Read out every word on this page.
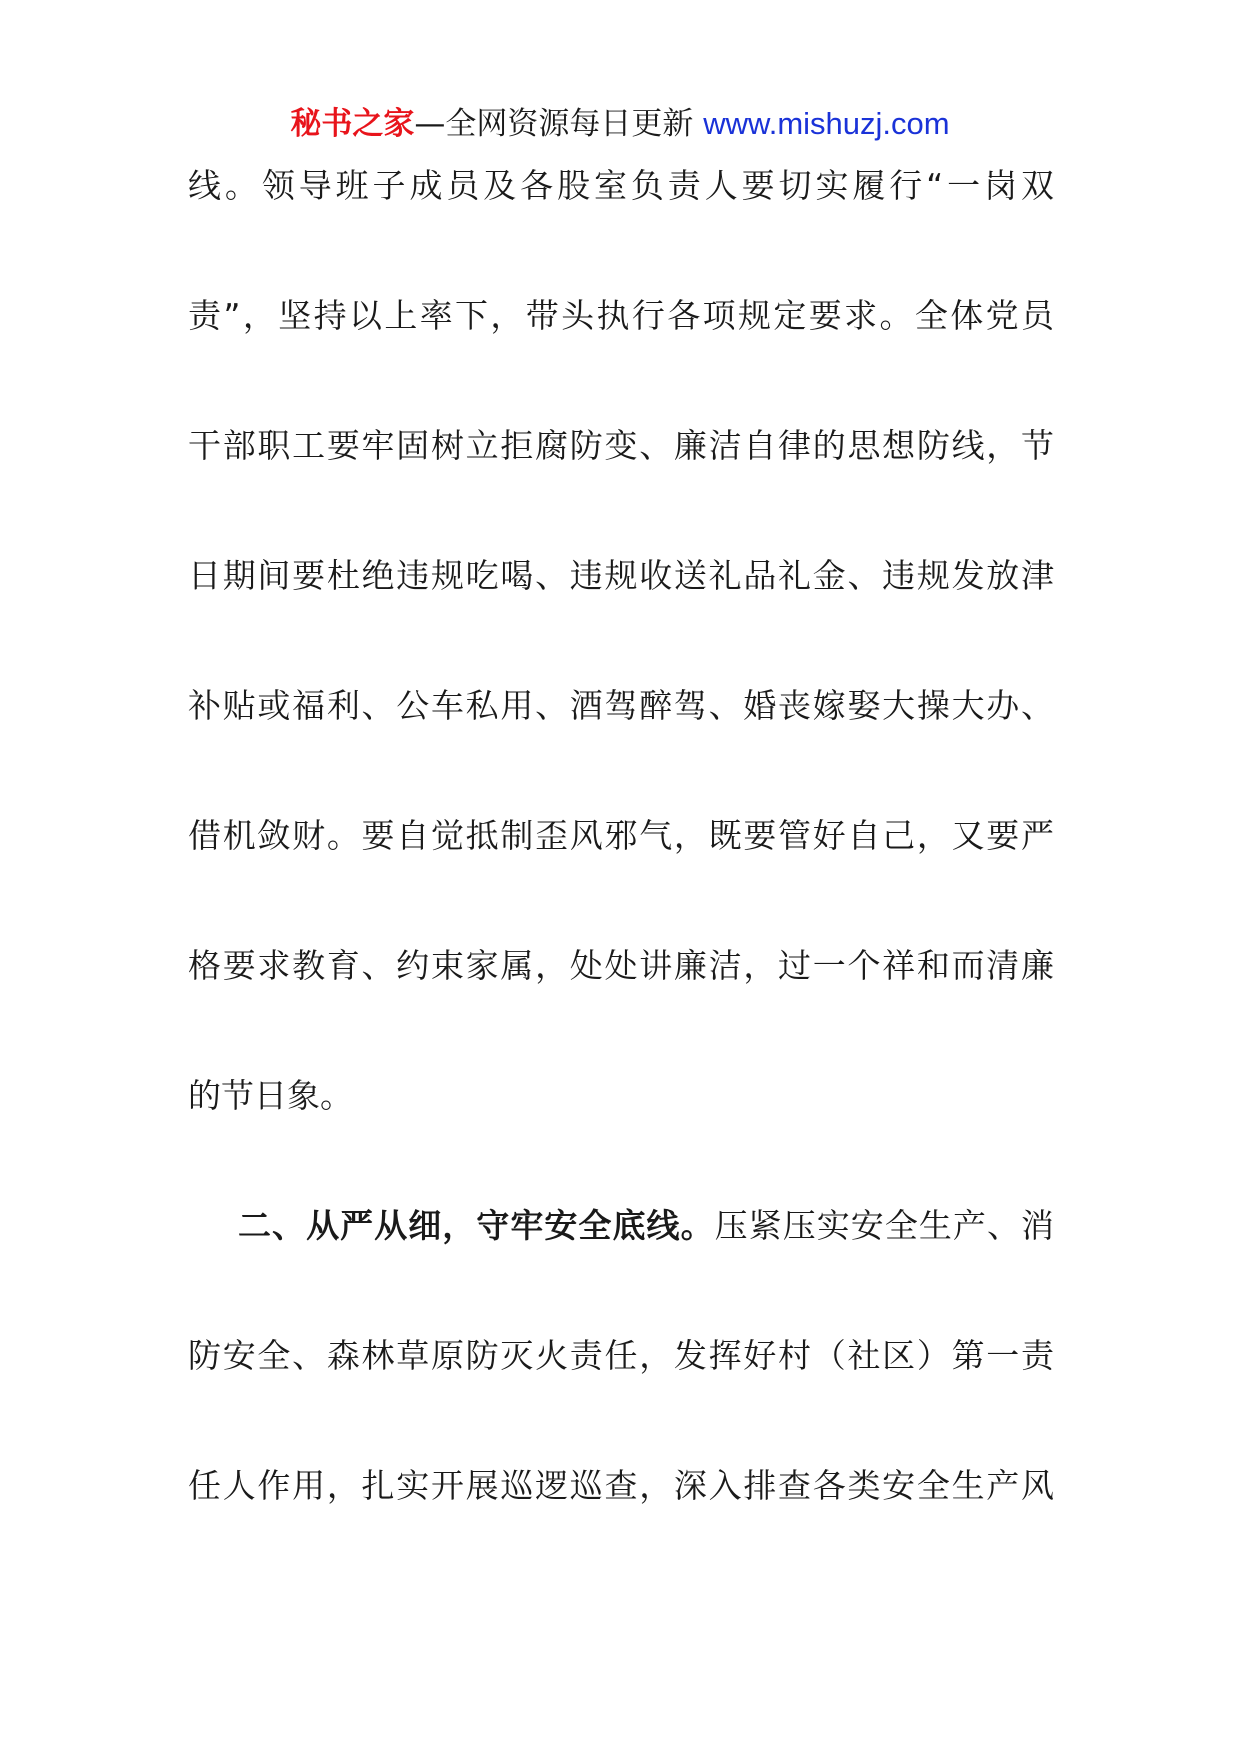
秘书之家—全网资源每日更新 www.mishuzj.com
线。领导班子成员及各股室负责人要切实履行“一岗双
责”，坚持以上率下，带头执行各项规定要求。全体党员
干部职工要牢固树立拒腐防变、廉洁自律的思想防线，节
日期间要杜绝违规吃喝、违规收送礼品礼金、违规发放津
补贴或福利、公车私用、酒驾醉驾、婚丧嫁娶大操大办、
借机敛财。要自觉抵制歪风邪气，既要管好自己，又要严
格要求教育、约束家属，处处讲廉洁，过一个祥和而清廉
的节日象。
二、从严从细，守牢安全底线。压紧压实安全生产、消
防安全、森林草原防灭火责任，发挥好村（社区）第一责
任人作用，扎实开展巡逻巡查，深入排查各类安全生产风
